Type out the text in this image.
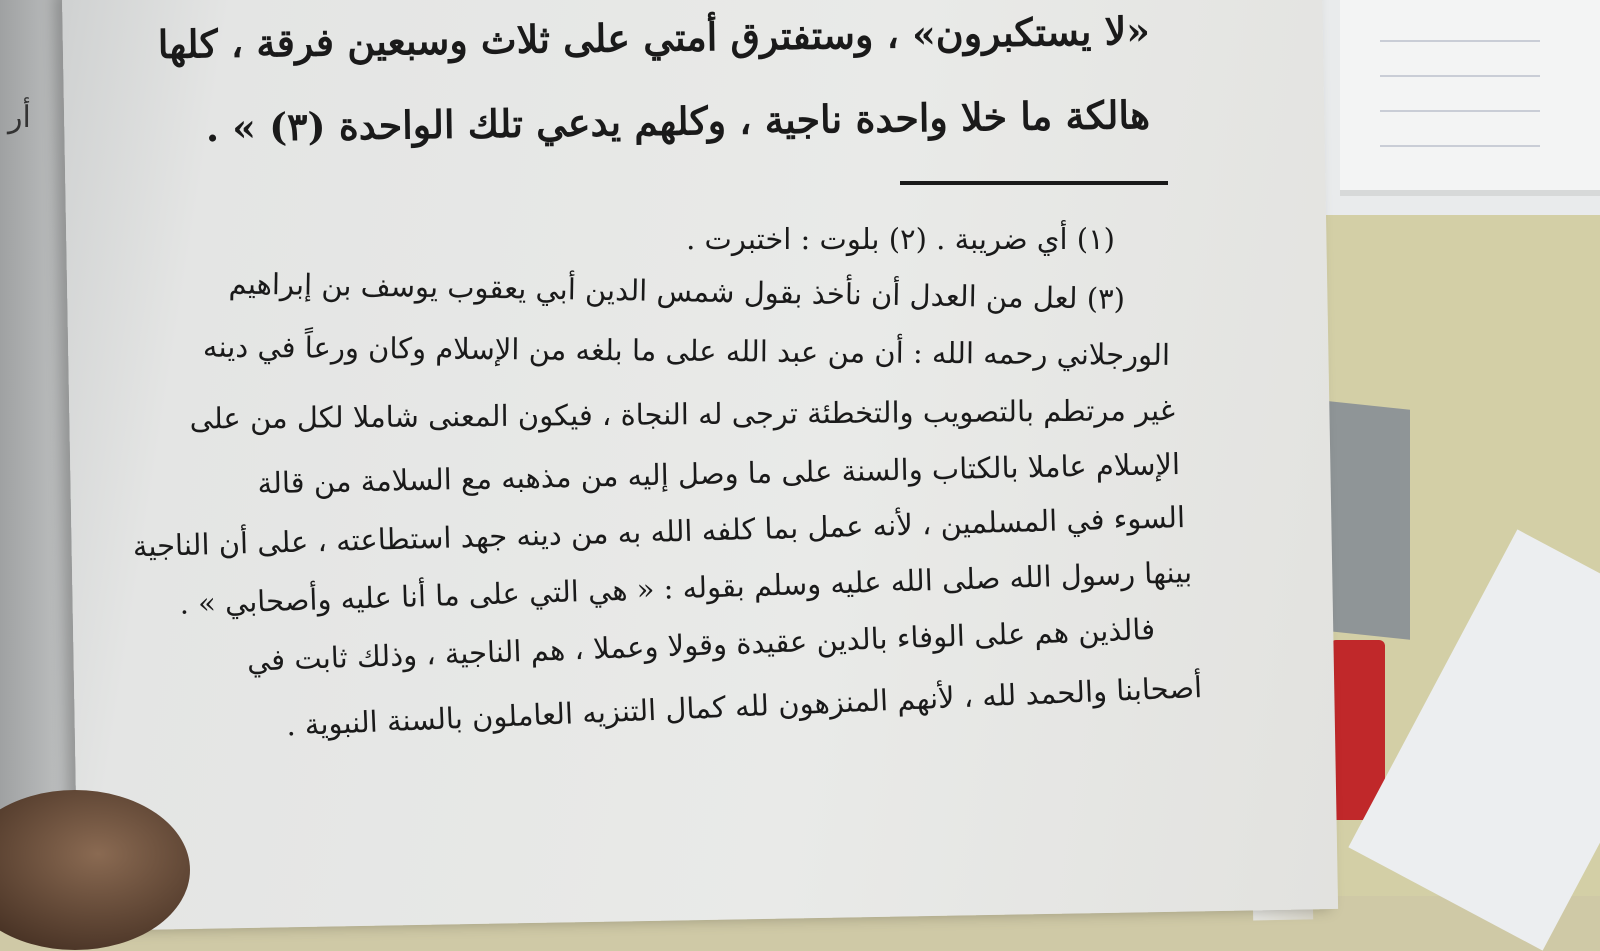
أر
«لا يستكبرون» ، وستفترق أمتي على ثلاث وسبعين فرقة ، كلها
هالكة ما خلا واحدة ناجية ، وكلهم يدعي تلك الواحدة (٣) » .
(١) أي ضريبة . (٢) بلوت : اختبرت .
(٣) لعل من العدل أن نأخذ بقول شمس الدين أبي يعقوب يوسف بن إبراهيم
الورجلاني رحمه الله : أن من عبد الله على ما بلغه من الإسلام وكان ورعاً في دينه
غير مرتطم بالتصويب والتخطئة ترجى له النجاة ، فيكون المعنى شاملا لكل من على
الإسلام عاملا بالكتاب والسنة على ما وصل إليه من مذهبه مع السلامة من قالة
السوء في المسلمين ، لأنه عمل بما كلفه الله به من دينه جهد استطاعته ، على أن الناجية
بينها رسول الله صلى الله عليه وسلم بقوله : « هي التي على ما أنا عليه وأصحابي » .
فالذين هم على الوفاء بالدين عقيدة وقولا وعملا ، هم الناجية ، وذلك ثابت في
أصحابنا والحمد لله ، لأنهم المنزهون لله كمال التنزيه العاملون بالسنة النبوية .
